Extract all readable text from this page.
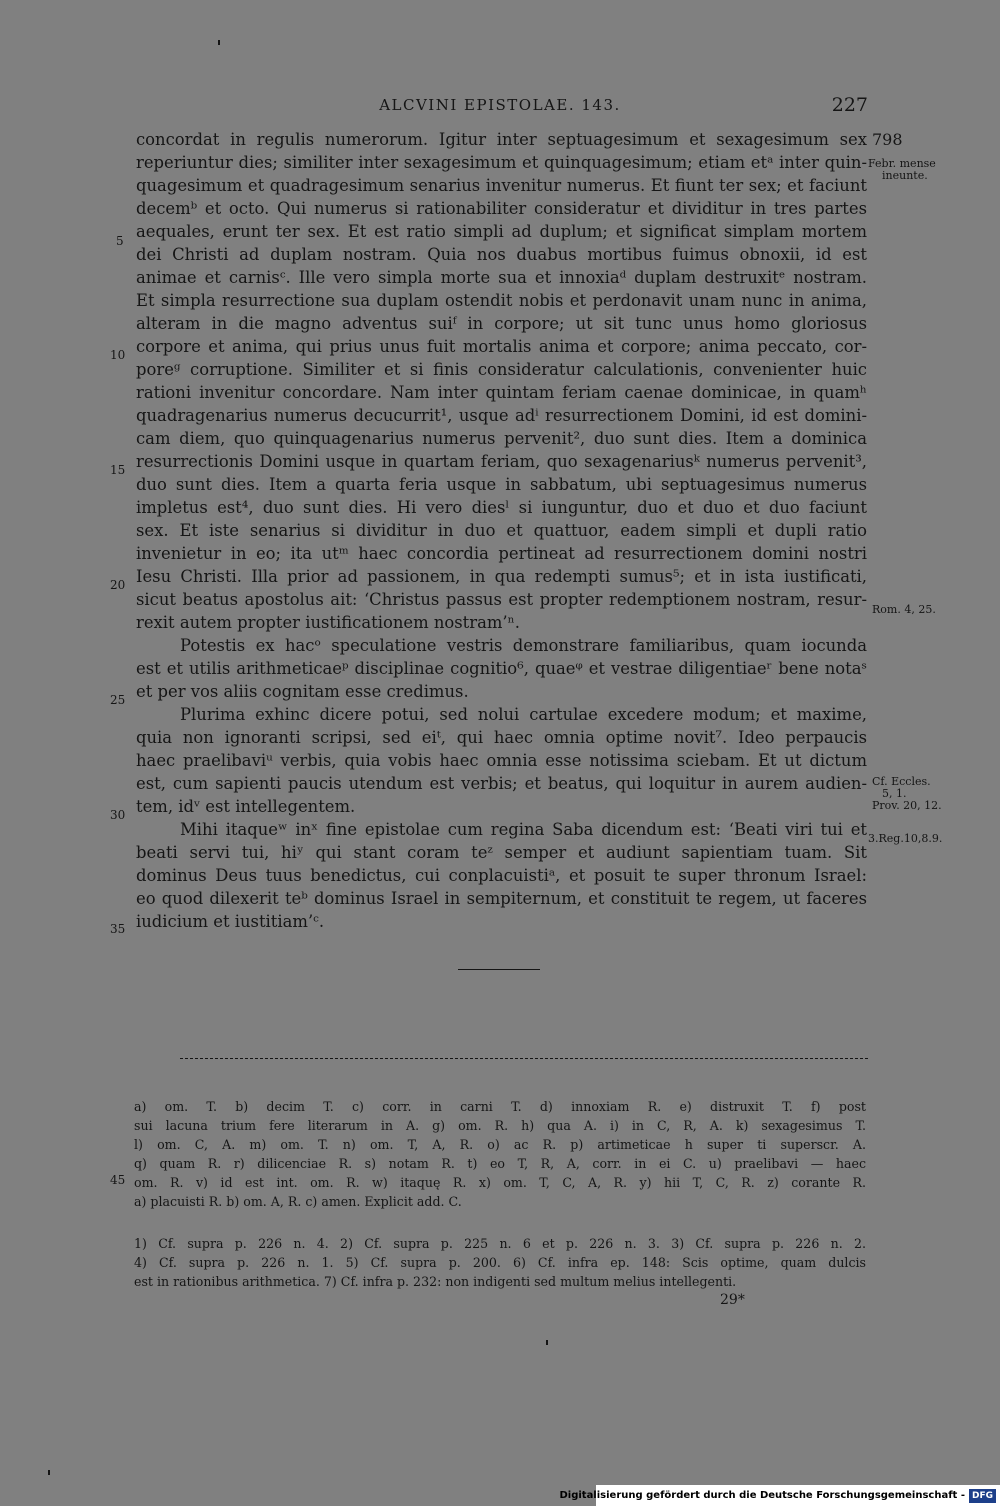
ALCVINI EPISTOLAE. 143.	227
798
Febr. mense
ineunte.
Rom. 4, 25.
Cf. Eccles.
5, 1.
Prov. 20, 12.
3.Reg.10,8.9.
5
10
15
20
25
30
35
45
concordat in regulis numerorum. Igitur inter septuagesimum et sexagesimum sex
reperiuntur dies; similiter inter sexagesimum et quinquagesimum; etiam etᵃ inter quin-
quagesimum et quadragesimum senarius invenitur numerus. Et fiunt ter sex; et faciunt
decemᵇ et octo. Qui numerus si rationabiliter consideratur et dividitur in tres partes
aequales, erunt ter sex. Et est ratio simpli ad duplum; et significat simplam mortem
dei Christi ad duplam nostram. Quia nos duabus mortibus fuimus obnoxii, id est
animae et carnisᶜ. Ille vero simpla morte sua et innoxiaᵈ duplam destruxitᵉ nostram.
Et simpla resurrectione sua duplam ostendit nobis et perdonavit unam nunc in anima,
alteram in die magno adventus suiᶠ in corpore; ut sit tunc unus homo gloriosus
corpore et anima, qui prius unus fuit mortalis anima et corpore; anima peccato, cor-
poreᵍ corruptione. Similiter et si finis consideratur calculationis, convenienter huic
rationi invenitur concordare. Nam inter quintam feriam caenae dominicae, in quamʰ
quadragenarius numerus decucurrit¹, usque adⁱ resurrectionem Domini, id est domini-
cam diem, quo quinquagenarius numerus pervenit², duo sunt dies. Item a dominica
resurrectionis Domini usque in quartam feriam, quo sexagenariusᵏ numerus pervenit³,
duo sunt dies. Item a quarta feria usque in sabbatum, ubi septuagesimus numerus
impletus est⁴, duo sunt dies. Hi vero diesˡ si iunguntur, duo et duo et duo faciunt
sex. Et iste senarius si dividitur in duo et quattuor, eadem simpli et dupli ratio
invenietur in eo; ita utᵐ haec concordia pertineat ad resurrectionem domini nostri
Iesu Christi. Illa prior ad passionem, in qua redempti sumus⁵; et in ista iustificati,
sicut beatus apostolus ait: ‘Christus passus est propter redemptionem nostram, resur-
rexit autem propter iustificationem nostram’ⁿ.
Potestis ex hacᵒ speculatione vestris demonstrare familiaribus, quam iocunda
est et utilis arithmeticaeᵖ disciplinae cognitio⁶, quaeᵠ et vestrae diligentiaeʳ bene notaˢ
et per vos aliis cognitam esse credimus.
Plurima exhinc dicere potui, sed nolui cartulae excedere modum; et maxime,
quia non ignoranti scripsi, sed eiᵗ, qui haec omnia optime novit⁷. Ideo perpaucis
haec praelibaviᵘ verbis, quia vobis haec omnia esse notissima sciebam. Et ut dictum
est, cum sapienti paucis utendum est verbis; et beatus, qui loquitur in aurem audien-
tem, idᵛ est intellegentem.
Mihi itaqueʷ inˣ fine epistolae cum regina Saba dicendum est: ‘Beati viri tui et
beati servi tui, hiʸ qui stant coram teᶻ semper et audiunt sapientiam tuam. Sit
dominus Deus tuus benedictus, cui conplacuistiᵃ, et posuit te super thronum Israel:
eo quod dilexerit teᵇ dominus Israel in sempiternum, et constituit te regem, ut faceres
iudicium et iustitiam’ᶜ.
a) om. T. b) decim T. c) corr. in carni T. d) innoxiam R. e) distruxit T. f) post
sui lacuna trium fere literarum in A. g) om. R. h) qua A. i) in C, R, A. k) sexagesimus T.
l) om. C, A. m) om. T. n) om. T, A, R. o) ac R. p) artimeticae h super ti superscr. A.
q) quam R. r) dilicenciae R. s) notam R. t) eo T, R, A, corr. in ei C. u) praelibavi — haec
om. R. v) id est int. om. R. w) itaquę R. x) om. T, C, A, R. y) hii T, C, R. z) corante R.
a) placuisti R. b) om. A, R. c) amen. Explicit add. C.
1) Cf. supra p. 226 n. 4. 2) Cf. supra p. 225 n. 6 et p. 226 n. 3. 3) Cf. supra p. 226 n. 2.
4) Cf. supra p. 226 n. 1. 5) Cf. supra p. 200. 6) Cf. infra ep. 148: Scis optime, quam dulcis
est in rationibus arithmetica. 7) Cf. infra p. 232: non indigenti sed multum melius intellegenti.
29*
Digitalisierung gefördert durch die Deutsche Forschungsgemeinschaft - DFG
